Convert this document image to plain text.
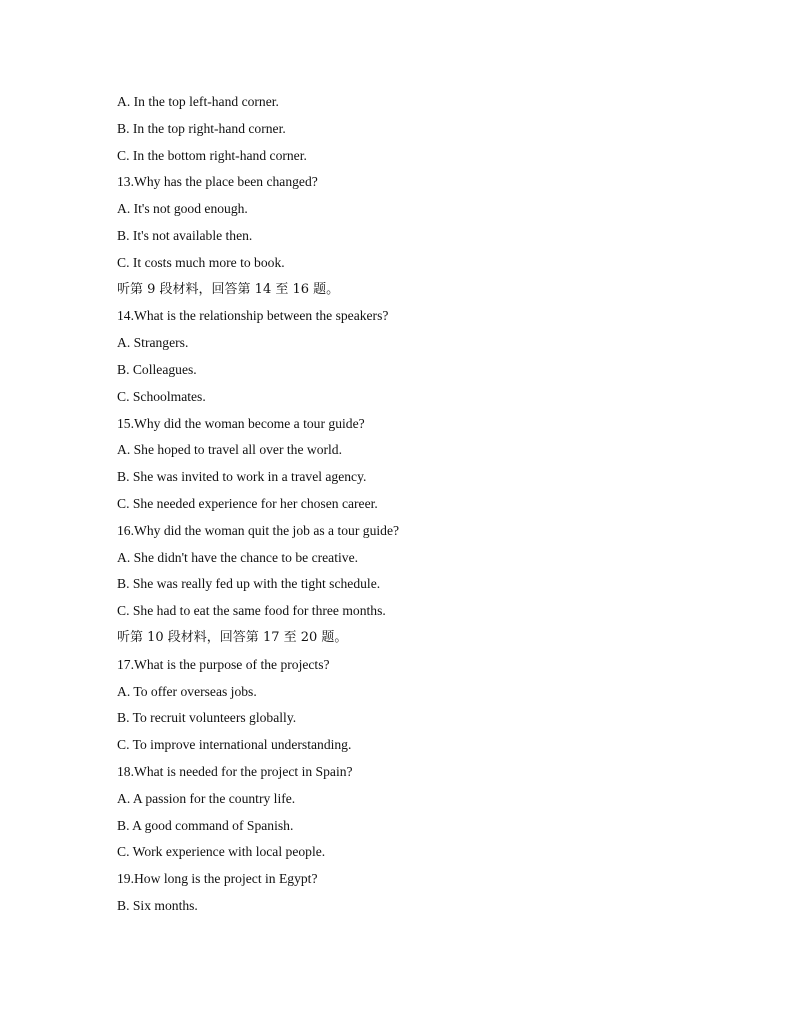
A. In the top left-hand corner.
B. In the top right-hand corner.
C. In the bottom right-hand corner.
13.Why has the place been changed?
A. It's not good enough.
B. It's not available then.
C. It costs much more to book.
听第 9 段材料，回答第 14 至 16 题。
14.What is the relationship between the speakers?
A. Strangers.
B. Colleagues.
C. Schoolmates.
15.Why did the woman become a tour guide?
A. She hoped to travel all over the world.
B. She was invited to work in a travel agency.
C. She needed experience for her chosen career.
16.Why did the woman quit the job as a tour guide?
A. She didn't have the chance to be creative.
B. She was really fed up with the tight schedule.
C. She had to eat the same food for three months.
听第 10 段材料，回答第 17 至 20 题。
17.What is the purpose of the projects?
A. To offer overseas jobs.
B. To recruit volunteers globally.
C. To improve international understanding.
18.What is needed for the project in Spain?
A. A passion for the country life.
B. A good command of Spanish.
C. Work experience with local people.
19.How long is the project in Egypt?
B. Six months.
